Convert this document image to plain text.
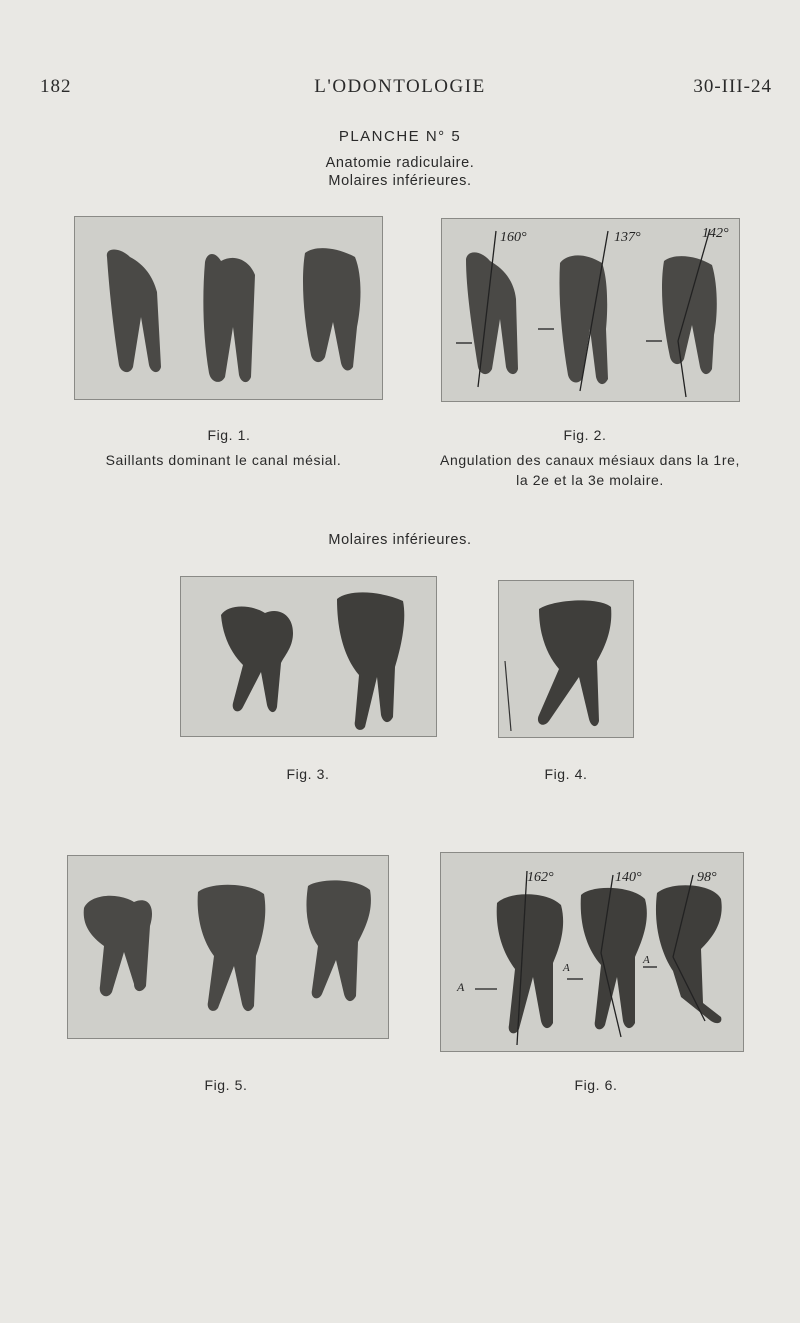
182	L'ODONTOLOGIE	30-III-24
PLANCHE N° 5
Anatomie radiculaire.
Molaires inférieures.
160°	137°	142°
Fig. 1.
Saillants dominant le canal mésial.
Fig. 2.
Angulation des canaux mésiaux dans la 1re,
la 2e et la 3e molaire.
Molaires inférieures.
Fig. 3.	Fig. 4.
162°	140°	98°
A
A
A
Fig. 5.	Fig. 6.
